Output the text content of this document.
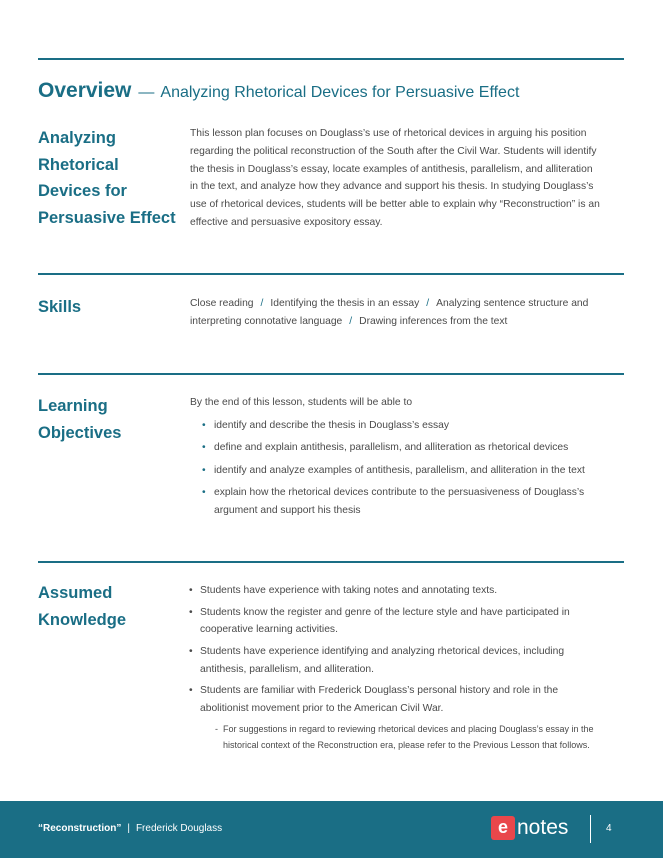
Overview — Analyzing Rhetorical Devices for Persuasive Effect
Analyzing
Rhetorical
Devices for
Persuasive Effect
This lesson plan focuses on Douglass’s use of rhetorical devices in arguing his position
regarding the political reconstruction of the South after the Civil War. Students will identify
the thesis in Douglass’s essay, locate examples of antithesis, parallelism, and alliteration
in the text, and analyze how they advance and support his thesis. In studying Douglass’s
use of rhetorical devices, students will be better able to explain why “Reconstruction” is an
effective and persuasive expository essay.
Skills	Close reading / Identifying the thesis in an essay / Analyzing sentence structure and
interpreting connotative language / Drawing inferences from the text
Learning
Objectives
By the end of this lesson, students will be able to
• identify and describe the thesis in Douglass’s essay
• define and explain antithesis, parallelism, and alliteration as rhetorical devices
• identify and analyze examples of antithesis, parallelism, and alliteration in the text
• explain how the rhetorical devices contribute to the persuasiveness of Douglass’s
argument and support his thesis
Assumed
Knowledge
• Students have experience with taking notes and annotating texts.
• Students know the register and genre of the lecture style and have participated in
cooperative learning activities.
• Students have experience identifying and analyzing rhetorical devices, including
antithesis, parallelism, and alliteration.
• Students are familiar with Frederick Douglass’s personal history and role in the
abolitionist movement prior to the American Civil War.
- For suggestions in regard to reviewing rhetorical devices and placing Douglass’s essay in the
historical context of the Reconstruction era, please refer to the Previous Lesson that follows.
“Reconstruction” | Frederick Douglass	e notes	4
